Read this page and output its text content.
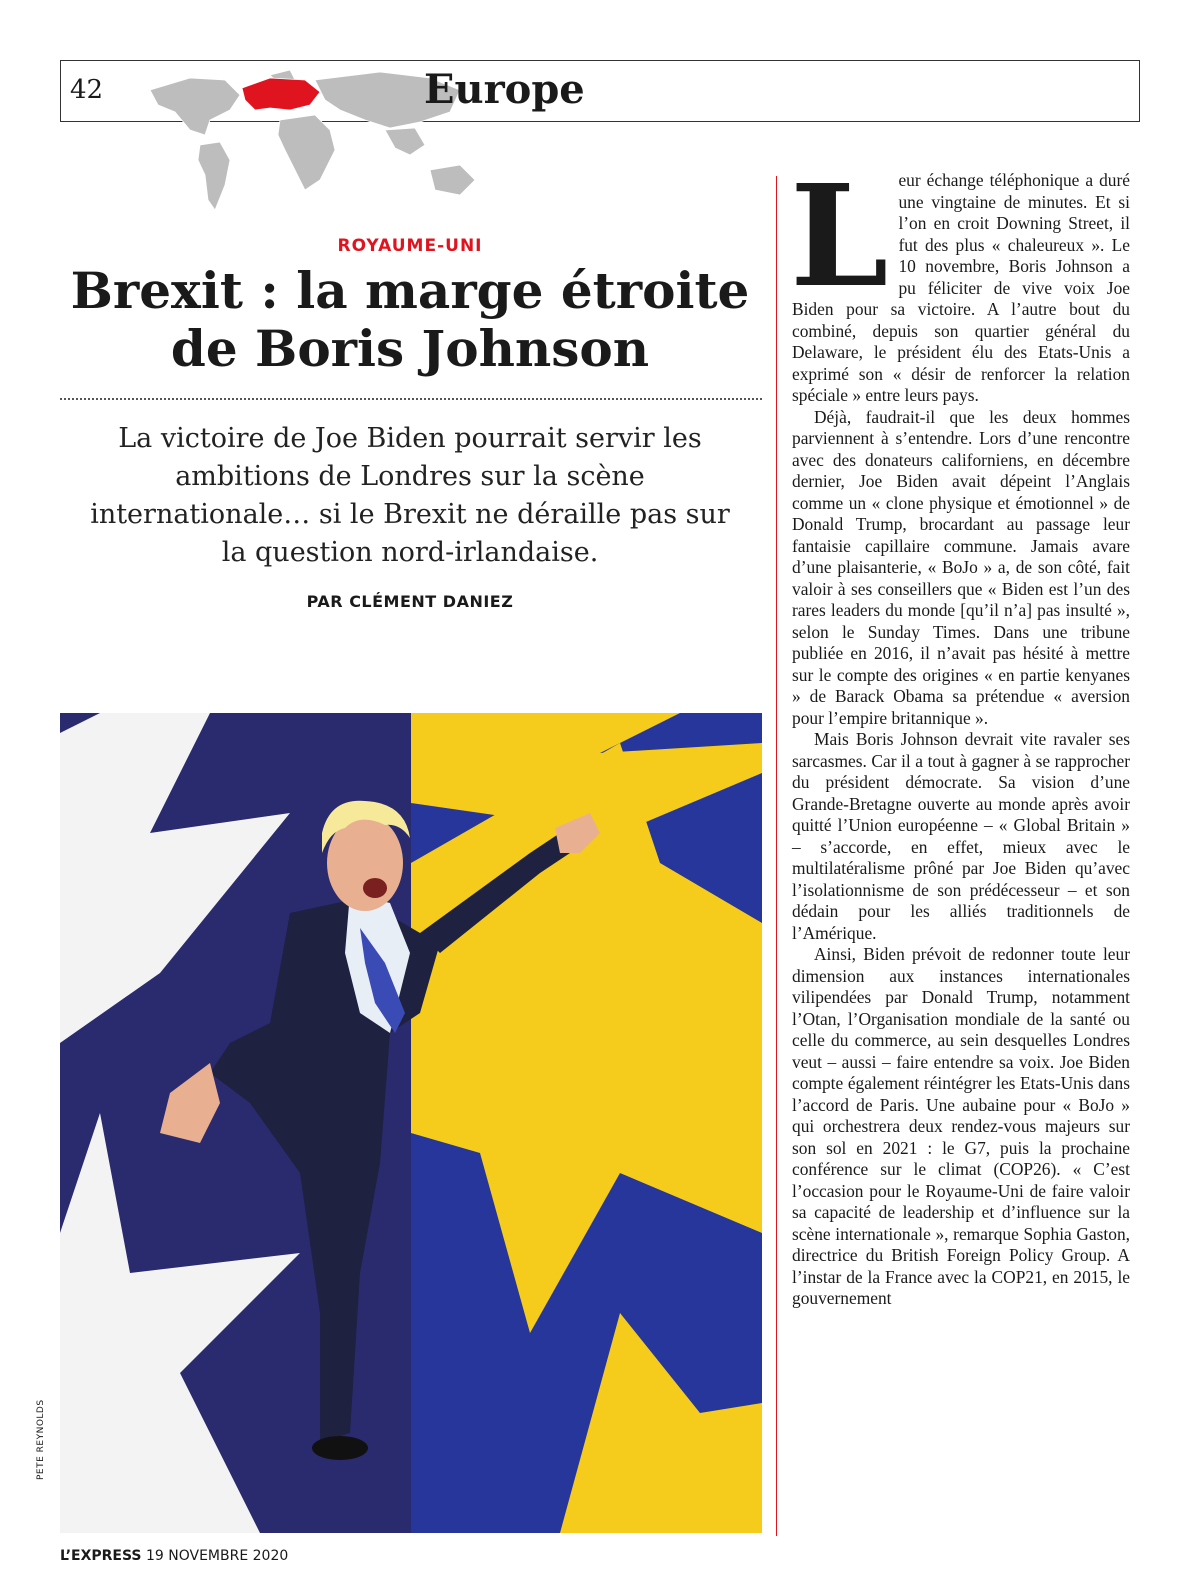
42	Europe
ROYAUME-UNI
Brexit : la marge étroite
de Boris Johnson
La victoire de Joe Biden pourrait servir les ambitions de Londres sur la scène internationale… si le Brexit ne déraille pas sur la question nord-irlandaise.
PAR CLÉMENT DANIEZ
PETE REYNOLDS

Leur échange téléphonique a duré une vingtaine de minutes. Et si l’on en croit Downing Street, il fut des plus « chaleureux ». Le 10 novembre, Boris Johnson a pu féliciter de vive voix Joe Biden pour sa victoire. A l’autre bout du combiné, depuis son quartier général du Delaware, le président élu des Etats-Unis a exprimé son « désir de renforcer la relation spéciale » entre leurs pays.

Déjà, faudrait-il que les deux hommes parviennent à s’entendre. Lors d’une rencontre avec des donateurs californiens, en décembre dernier, Joe Biden avait dépeint l’Anglais comme un « clone physique et émotionnel » de Donald Trump, brocardant au passage leur fantaisie capillaire commune. Jamais avare d’une plaisanterie, « BoJo » a, de son côté, fait valoir à ses conseillers que « Biden est l’un des rares leaders du monde [qu’il n’a] pas insulté », selon le Sunday Times. Dans une tribune publiée en 2016, il n’avait pas hésité à mettre sur le compte des origines « en partie kenyanes » de Barack Obama sa prétendue « aversion pour l’empire britannique ».

Mais Boris Johnson devrait vite ravaler ses sarcasmes. Car il a tout à gagner à se rapprocher du président démocrate. Sa vision d’une Grande-Bretagne ouverte au monde après avoir quitté l’Union européenne – « Global Britain » – s’accorde, en effet, mieux avec le multilatéralisme prôné par Joe Biden qu’avec l’isolationnisme de son prédécesseur – et son dédain pour les alliés traditionnels de l’Amérique.

Ainsi, Biden prévoit de redonner toute leur dimension aux instances internationales vilipendées par Donald Trump, notamment l’Otan, l’Organisation mondiale de la santé ou celle du commerce, au sein desquelles Londres veut – aussi – faire entendre sa voix. Joe Biden compte également réintégrer les Etats-Unis dans l’accord de Paris. Une aubaine pour « BoJo » qui orchestrera deux rendez-vous majeurs sur son sol en 2021 : le G7, puis la prochaine conférence sur le climat (COP26). « C’est l’occasion pour le Royaume-Uni de faire valoir sa capacité de leadership et d’influence sur la scène internationale », remarque Sophia Gaston, directrice du British Foreign Policy Group. A l’instar de la France avec la COP21, en 2015, le gouvernement

L’EXPRESS 19 NOVEMBRE 2020
